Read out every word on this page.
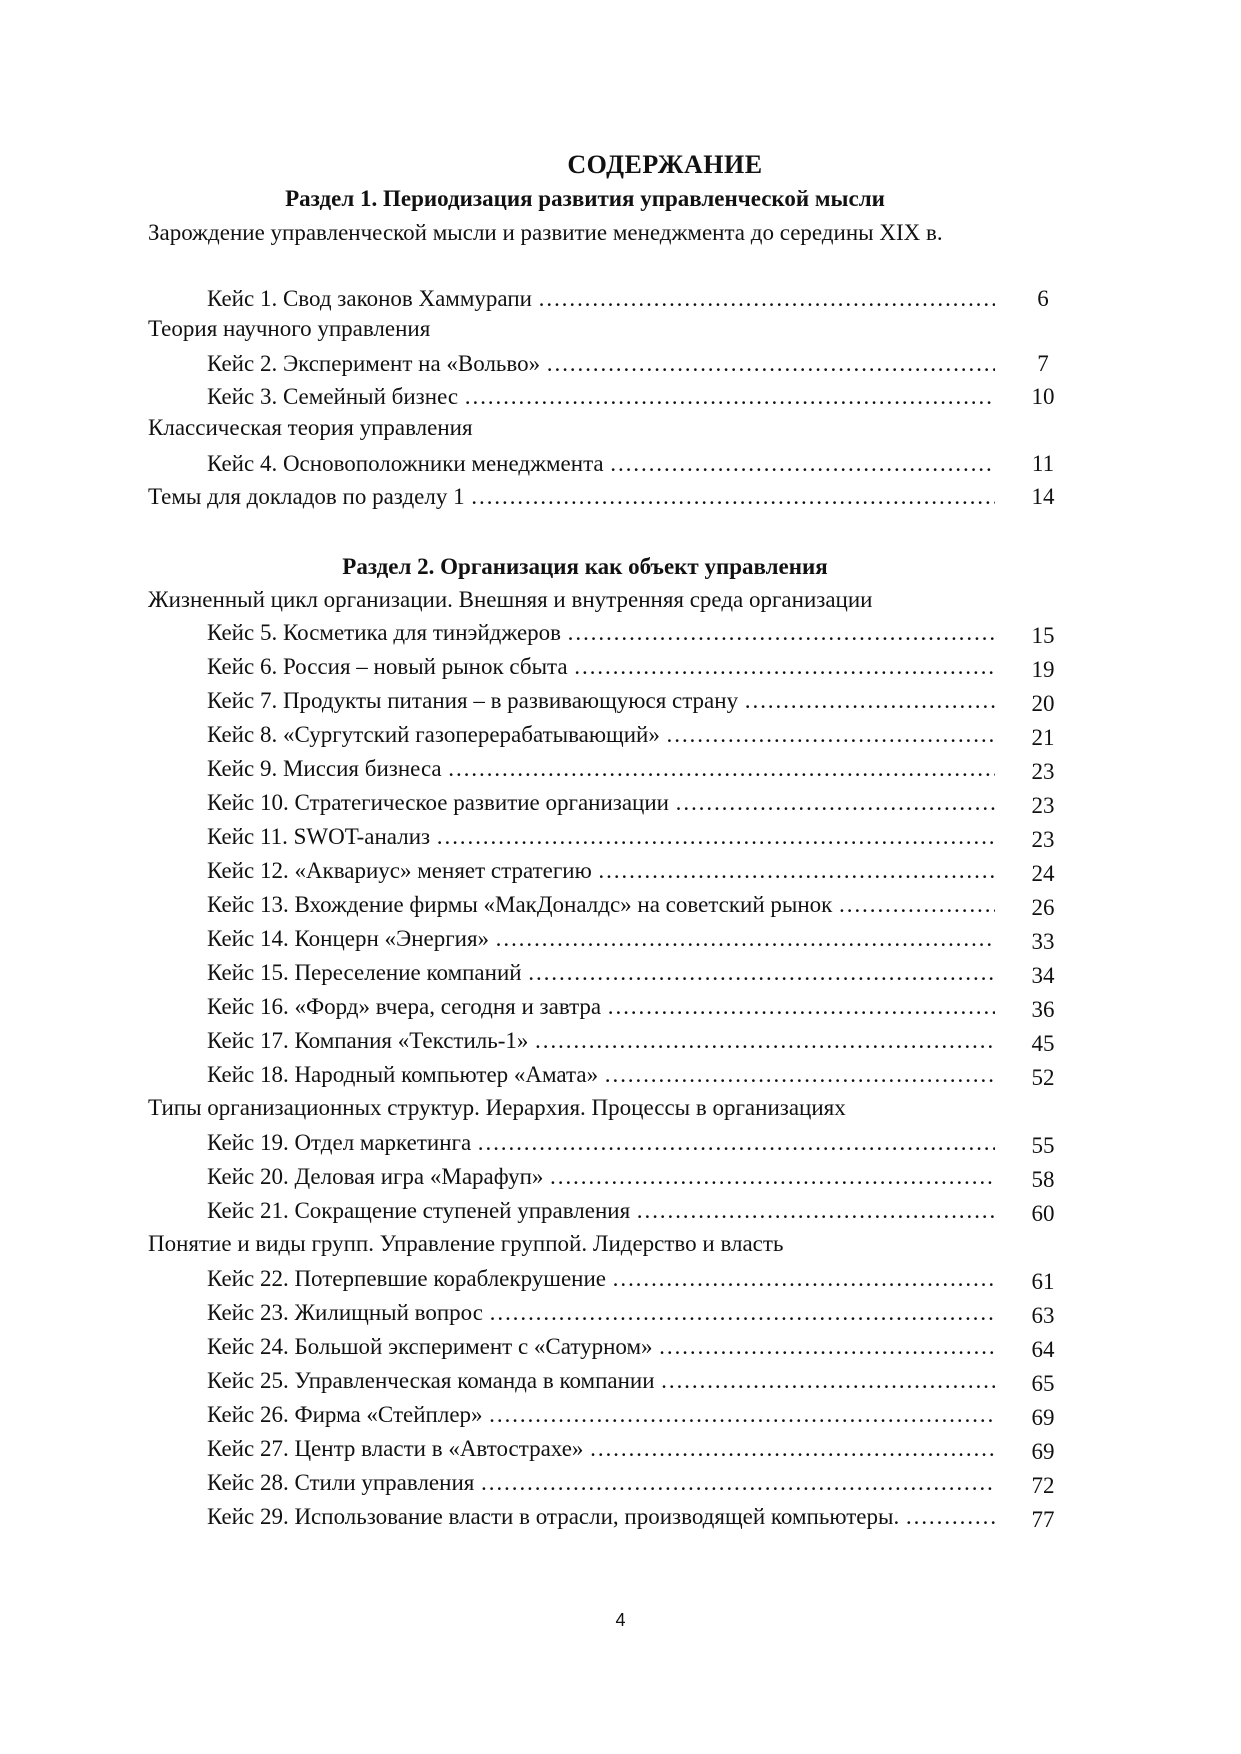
СОДЕРЖАНИЕ
Раздел 1. Периодизация развития управленческой мысли
Зарождение управленческой мысли и развитие менеджмента до середины XIX в.
Кейс 1. Свод законов Хаммурапи ……………………………………………………………………………………………………………………………………	6
Теория научного управления
Кейс 2. Эксперимент на «Вольво» ……………………………………………………………………………………………………………………………………	7
Кейс 3. Семейный бизнес ……………………………………………………………………………………………………………………………………	10
Классическая теория управления
Кейс 4. Основоположники менеджмента ……………………………………………………………………………………………………………………………………	11
Темы для докладов по разделу 1 ……………………………………………………………………………………………………………………………………	14
Раздел 2. Организация как объект управления
Жизненный цикл организации. Внешняя и внутренняя среда организации
Кейс 5. Косметика для тинэйджеров ……………………………………………………………………………………………………………………………………	15
Кейс 6. Россия – новый рынок сбыта ……………………………………………………………………………………………………………………………………	19
Кейс 7. Продукты питания – в развивающуюся страну ……………………………………………………………………………………………………………………………………	20
Кейс 8. «Сургутский газоперерабатывающий» ……………………………………………………………………………………………………………………………………	21
Кейс 9. Миссия бизнеса ……………………………………………………………………………………………………………………………………	23
Кейс 10. Стратегическое развитие организации ……………………………………………………………………………………………………………………………………	23
Кейс 11. SWOT-анализ ……………………………………………………………………………………………………………………………………	23
Кейс 12. «Аквариус» меняет стратегию ……………………………………………………………………………………………………………………………………	24
Кейс 13. Вхождение фирмы «МакДоналдс» на советский рынок ……………………………………………………………………………………………………………………………………	26
Кейс 14. Концерн «Энергия» ……………………………………………………………………………………………………………………………………	33
Кейс 15. Переселение компаний ……………………………………………………………………………………………………………………………………	34
Кейс 16. «Форд» вчера, сегодня и завтра ……………………………………………………………………………………………………………………………………	36
Кейс 17. Компания «Текстиль-1» ……………………………………………………………………………………………………………………………………	45
Кейс 18. Народный компьютер «Амата» ……………………………………………………………………………………………………………………………………	52
Типы организационных структур. Иерархия. Процессы в организациях
Кейс 19. Отдел маркетинга ……………………………………………………………………………………………………………………………………	55
Кейс 20. Деловая игра «Марафуп» ……………………………………………………………………………………………………………………………………	58
Кейс 21. Сокращение ступеней управления ……………………………………………………………………………………………………………………………………	60
Понятие и виды групп. Управление группой. Лидерство и власть
Кейс 22. Потерпевшие кораблекрушение ……………………………………………………………………………………………………………………………………	61
Кейс 23. Жилищный вопрос ……………………………………………………………………………………………………………………………………	63
Кейс 24. Большой эксперимент с «Сатурном» ……………………………………………………………………………………………………………………………………	64
Кейс 25. Управленческая команда в компании ……………………………………………………………………………………………………………………………………	65
Кейс 26. Фирма «Стейплер» ……………………………………………………………………………………………………………………………………	69
Кейс 27. Центр власти в «Автострахе» ……………………………………………………………………………………………………………………………………	69
Кейс 28. Стили управления ……………………………………………………………………………………………………………………………………	72
Кейс 29. Использование власти в отрасли, производящей компьютеры. ……………………………………………………………………………………………………………………………………	77
4
